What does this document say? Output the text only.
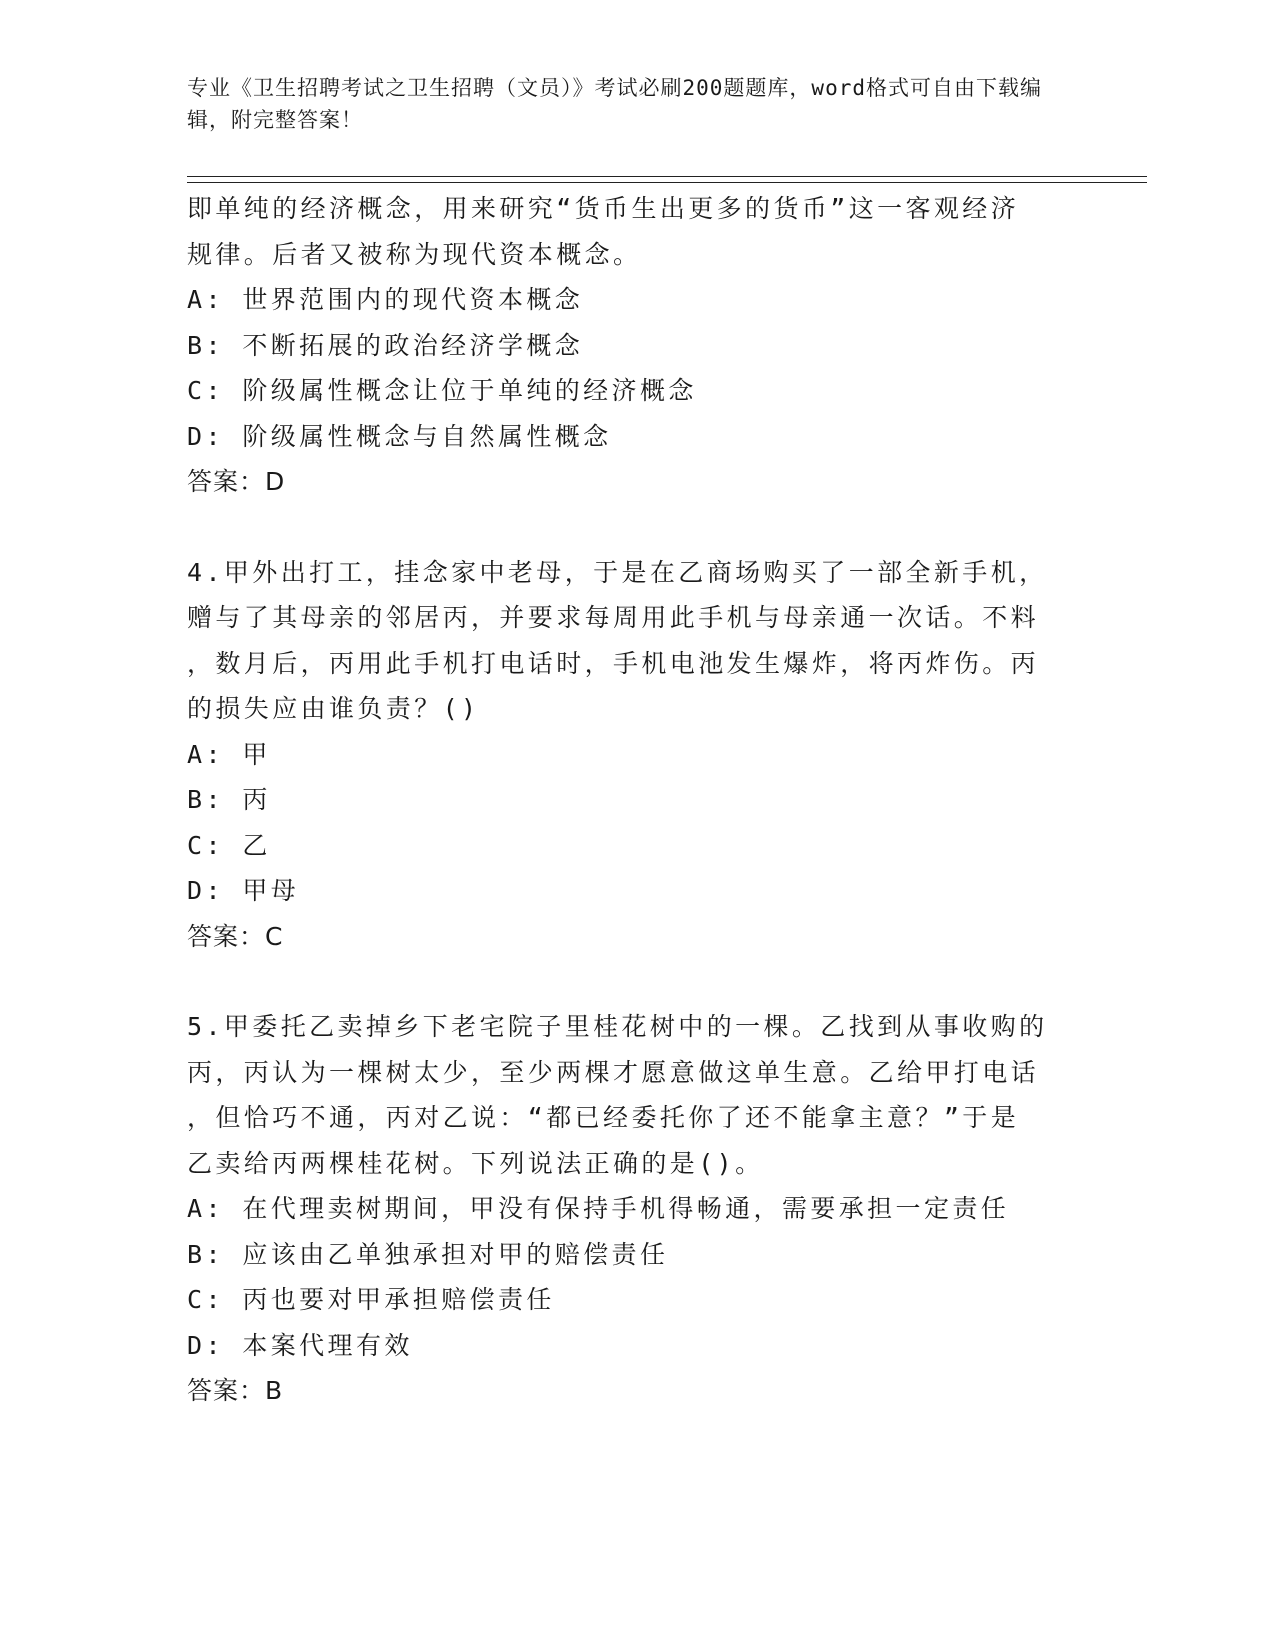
专业《卫生招聘考试之卫生招聘（文员）》考试必刷200题题库，word格式可自由下载编辑，附完整答案！

即单纯的经济概念，用来研究“货币生出更多的货币”这一客观经济

规律。后者又被称为现代资本概念。

A: 世界范围内的现代资本概念

B: 不断拓展的政治经济学概念

C: 阶级属性概念让位于单纯的经济概念

D: 阶级属性概念与自然属性概念

答案：D

4.甲外出打工，挂念家中老母，于是在乙商场购买了一部全新手机，

赠与了其母亲的邻居丙，并要求每周用此手机与母亲通一次话。不料

，数月后，丙用此手机打电话时，手机电池发生爆炸，将丙炸伤。丙

的损失应由谁负责？()

A: 甲

B: 丙

C: 乙

D: 甲母

答案：C

5.甲委托乙卖掉乡下老宅院子里桂花树中的一棵。乙找到从事收购的

丙，丙认为一棵树太少，至少两棵才愿意做这单生意。乙给甲打电话

，但恰巧不通，丙对乙说：“都已经委托你了还不能拿主意？”于是

乙卖给丙两棵桂花树。下列说法正确的是()。

A: 在代理卖树期间，甲没有保持手机得畅通，需要承担一定责任

B: 应该由乙单独承担对甲的赔偿责任

C: 丙也要对甲承担赔偿责任

D: 本案代理有效

答案：B
